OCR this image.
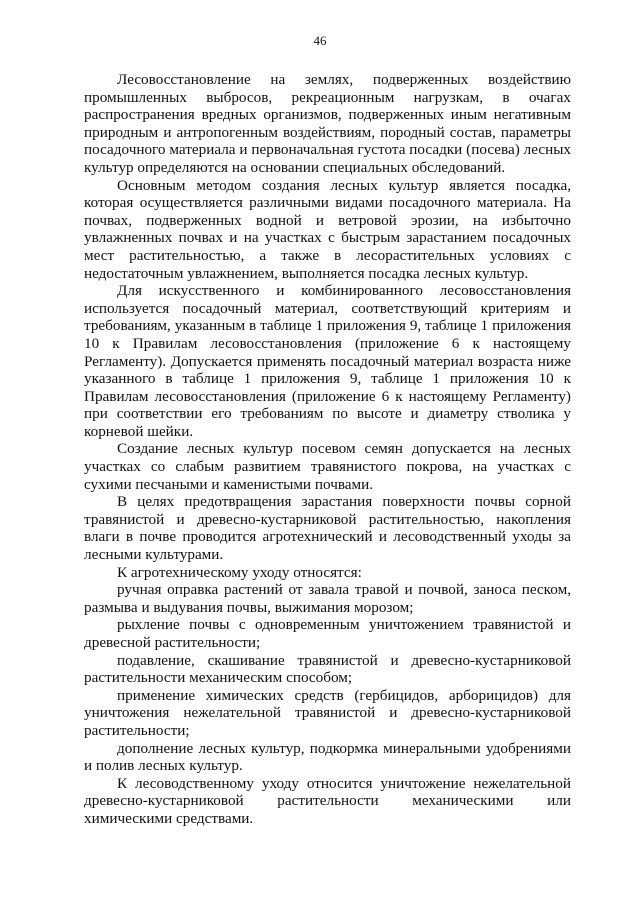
46

Лесовосстановление на землях, подверженных воздействию промышленных выбросов, рекреационным нагрузкам, в очагах распространения вредных организмов, подверженных иным негативным природным и антропогенным воздействиям, породный состав, параметры посадочного материала и первоначальная густота посадки (посева) лесных культур определяются на основании специальных обследований.

Основным методом создания лесных культур является посадка, которая осуществляется различными видами посадочного материала. На почвах, подверженных водной и ветровой эрозии, на избыточно увлажненных почвах и на участках с быстрым зарастанием посадочных мест растительностью, а также в лесорастительных условиях с недостаточным увлажнением, выполняется посадка лесных культур.

Для искусственного и комбинированного лесовосстановления используется посадочный материал, соответствующий критериям и требованиям, указанным в таблице 1 приложения 9, таблице 1 приложения 10 к Правилам лесовосстановления (приложение 6 к настоящему Регламенту). Допускается применять посадочный материал возраста ниже указанного в таблице 1 приложения 9, таблице 1 приложения 10 к Правилам лесовосстановления (приложение 6 к настоящему Регламенту) при соответствии его требованиям по высоте и диаметру стволика у корневой шейки.

Создание лесных культур посевом семян допускается на лесных участках со слабым развитием травянистого покрова, на участках с сухими песчаными и каменистыми почвами.

В целях предотвращения зарастания поверхности почвы сорной травянистой и древесно-кустарниковой растительностью, накопления влаги в почве проводится агротехнический и лесоводственный уходы за лесными культурами.

К агротехническому уходу относятся:

ручная оправка растений от завала травой и почвой, заноса песком, размыва и выдувания почвы, выжимания морозом;

рыхление почвы с одновременным уничтожением травянистой и древесной растительности;

подавление, скашивание травянистой и древесно-кустарниковой растительности механическим способом;

применение химических средств (гербицидов, арборицидов) для уничтожения нежелательной травянистой и древесно-кустарниковой растительности;

дополнение лесных культур, подкормка минеральными удобрениями и полив лесных культур.

К лесоводственному уходу относится уничтожение нежелательной древесно-кустарниковой растительности механическими или химическими средствами.
